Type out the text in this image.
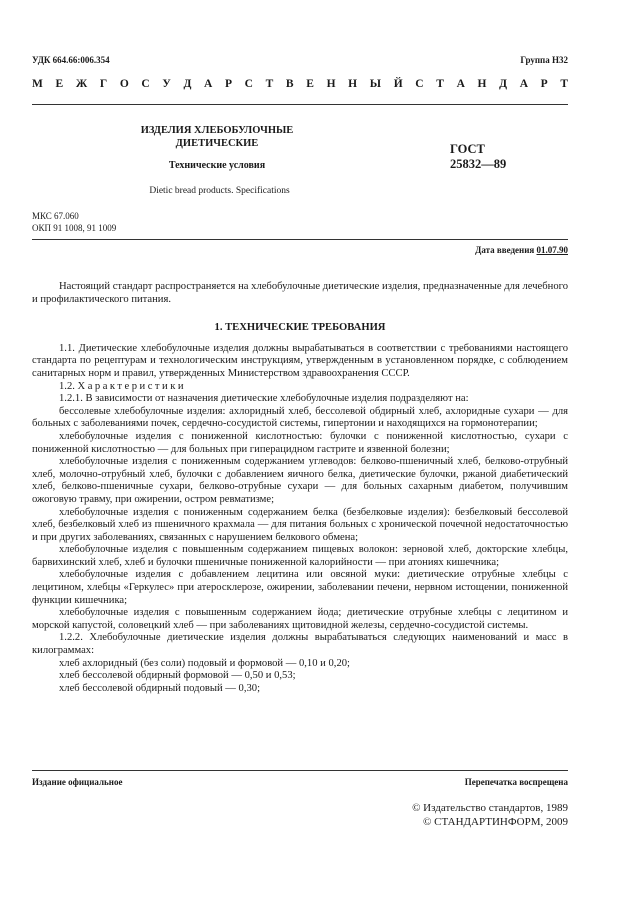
УДК 664.66:006.354	Группа Н32
М Е Ж Г О С У Д А Р С Т В Е Н Н Ы Й С Т А Н Д А Р Т
ИЗДЕЛИЯ ХЛЕБОБУЛОЧНЫЕ
ДИЕТИЧЕСКИЕ
Технические условия
Dietic bread products. Specifications
ГОСТ
25832—89
МКС 67.060
ОКП 91 1008, 91 1009
Дата введения 01.07.90

Настоящий стандарт распространяется на хлебобулочные диетические изделия, предназначенные для лечебного и профилактического питания.

1. ТЕХНИЧЕСКИЕ ТРЕБОВАНИЯ

1.1. Диетические хлебобулочные изделия должны вырабатываться в соответствии с требованиями настоящего стандарта по рецептурам и технологическим инструкциям, утвержденным в установленном порядке, с соблюдением санитарных норм и правил, утвержденных Министерством здравоохранения СССР.

1.2. Характеристики

1.2.1. В зависимости от назначения диетические хлебобулочные изделия подразделяют на:

бессолевые хлебобулочные изделия: ахлоридный хлеб, бессолевой обдирный хлеб, ахлоридные сухари — для больных с заболеваниями почек, сердечно-сосудистой системы, гипертонии и находящихся на гормонотерапии;

хлебобулочные изделия с пониженной кислотностью: булочки с пониженной кислотностью, сухари с пониженной кислотностью — для больных при гиперацидном гастрите и язвенной болезни;

хлебобулочные изделия с пониженным содержанием углеводов: белково-пшеничный хлеб, белково-отрубный хлеб, молочно-отрубный хлеб, булочки с добавлением яичного белка, диетические булочки, ржаной диабетический хлеб, белково-пшеничные сухари, белково-отрубные сухари — для больных сахарным диабетом, получившим ожоговую травму, при ожирении, остром ревматизме;

хлебобулочные изделия с пониженным содержанием белка (безбелковые изделия): безбелковый бессолевой хлеб, безбелковый хлеб из пшеничного крахмала — для питания больных с хронической почечной недостаточностью и при других заболеваниях, связанных с нарушением белкового обмена;

хлебобулочные изделия с повышенным содержанием пищевых волокон: зерновой хлеб, докторские хлебцы, барвихинский хлеб, хлеб и булочки пшеничные пониженной калорийности — при атониях кишечника;

хлебобулочные изделия с добавлением лецитина или овсяной муки: диетические отрубные хлебцы с лецитином, хлебцы «Геркулес» при атеросклерозе, ожирении, заболевании печени, нервном истощении, пониженной функции кишечника;

хлебобулочные изделия с повышенным содержанием йода; диетические отрубные хлебцы с лецитином и морской капустой, соловецкий хлеб — при заболеваниях щитовидной железы, сердечно-сосудистой системы.

1.2.2. Хлебобулочные диетические изделия должны вырабатываться следующих наименований и масс в килограммах:

хлеб ахлоридный (без соли) подовый и формовой — 0,10 и 0,20;

хлеб бессолевой обдирный формовой — 0,50 и 0,53;

хлеб бессолевой обдирный подовый — 0,30;

Издание официальное	Перепечатка воспрещена
© Издательство стандартов, 1989
© СТАНДАРТИНФОРМ, 2009
